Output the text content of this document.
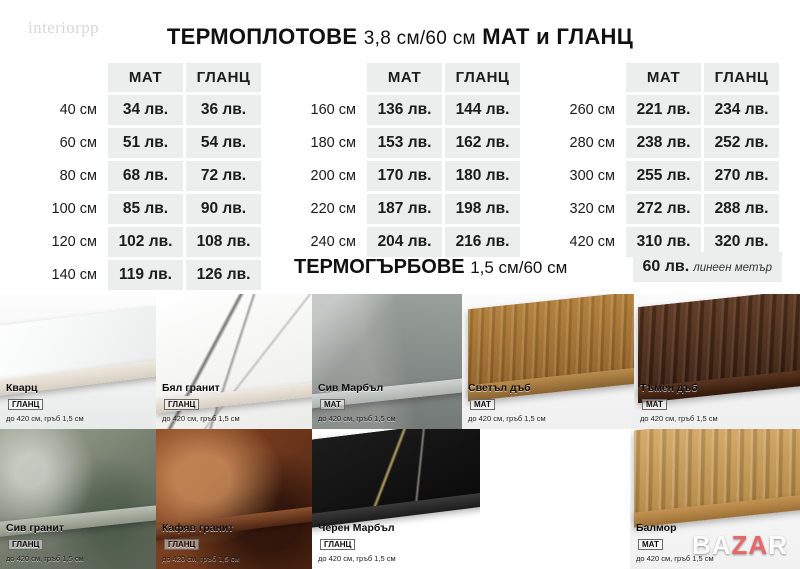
ТЕРМОПЛОТОВЕ 3,8 см/60 см МАТ и ГЛАНЦ
	МАТ	ГЛАНЦ
40 см	34 лв.	36 лв.
60 см	51 лв.	54 лв.
80 см	68 лв.	72 лв.
100 см	85 лв.	90 лв.
120 см	102 лв.	108 лв.
140 см	119 лв.	126 лв.
	МАТ	ГЛАНЦ
160 см	136 лв.	144 лв.
180 см	153 лв.	162 лв.
200 см	170 лв.	180 лв.
220 см	187 лв.	198 лв.
240 см	204 лв.	216 лв.
	МАТ	ГЛАНЦ
260 см	221 лв.	234 лв.
280 см	238 лв.	252 лв.
300 см	255 лв.	270 лв.
320 см	272 лв.	288 лв.
420 см	310 лв.	320 лв.
ТЕРМОГЪРБОВЕ 1,5 см/60 см	60 лв. линеен метър
Кварц
ГЛАНЦ
до 420 см, гръб 1,5 см
Бял гранит
ГЛАНЦ
до 420 см, гръб 1,5 см
Сив Марбъл
МАТ
до 420 см, гръб 1,5 см
Светъл дъб
МАТ
до 420 см, гръб 1,5 см
Тъмен дъб
МАТ
до 420 см, гръб 1,5 см
Сив гранит
ГЛАНЦ
до 420 см, гръб 1,5 см
Кафяв гранит
ГЛАНЦ
до 420 см, гръб 1,5 см
Черен Марбъл
ГЛАНЦ
до 420 см, гръб 1,5 см
Балмор
МАТ
до 420 см, гръб 1,5 см
interiorpp
BAZAR
